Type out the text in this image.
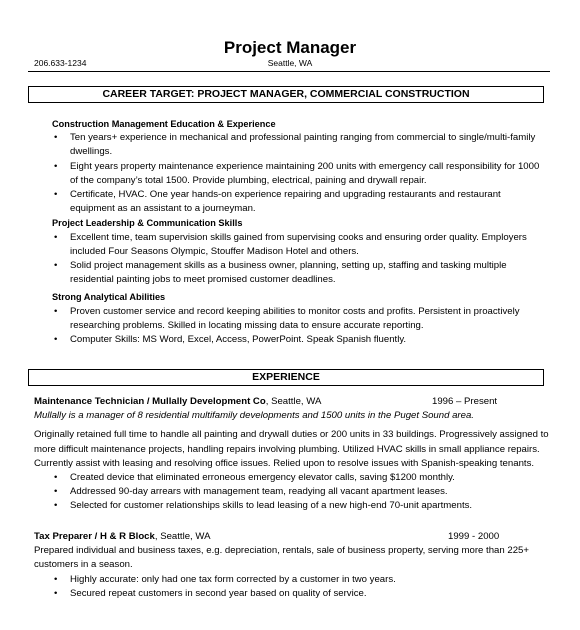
Project Manager
206.633-1234	Seattle, WA
CAREER TARGET: PROJECT MANAGER, COMMERCIAL CONSTRUCTION
Construction Management Education & Experience
• Ten years+ experience in mechanical and professional painting ranging from commercial to single/multi-family dwellings.
• Eight years property maintenance experience maintaining 200 units with emergency call responsibility for 1000 of the company’s total 1500. Provide plumbing, electrical, paining and drywall repair.
• Certificate, HVAC. One year hands-on experience repairing and upgrading restaurants and restaurant equipment as an assistant to a journeyman.
Project Leadership & Communication Skills
• Excellent time, team supervision skills gained from supervising cooks and ensuring order quality. Employers included Four Seasons Olympic, Stouffer Madison Hotel and others.
• Solid project management skills as a business owner, planning, setting up, staffing and tasking multiple residential painting jobs to meet promised customer deadlines.
Strong Analytical Abilities
• Proven customer service and record keeping abilities to monitor costs and profits. Persistent in proactively researching problems. Skilled in locating missing data to ensure accurate reporting.
• Computer Skills: MS Word, Excel, Access, PowerPoint. Speak Spanish fluently.
EXPERIENCE
Maintenance Technician / Mullally Development Co, Seattle, WA	1996 – Present
Mullally is a manager of 8 residential multifamily developments and 1500 units in the Puget Sound area.
Originally retained full time to handle all painting and drywall duties or 200 units in 33 buildings. Progressively assigned to more difficult maintenance projects, handling repairs involving plumbing. Utilized HVAC skills in small appliance repairs. Currently assist with leasing and resolving office issues. Relied upon to resolve issues with Spanish-speaking tenants.
• Created device that eliminated erroneous emergency elevator calls, saving $1200 monthly.
• Addressed 90-day arrears with management team, readying all vacant apartment leases.
• Selected for customer relationships skills to lead leasing of a new high-end 70-unit apartments.
Tax Preparer / H & R Block, Seattle, WA	1999 - 2000
Prepared individual and business taxes, e.g. depreciation, rentals, sale of business property, serving more than 225+ customers in a season.
• Highly accurate: only had one tax form corrected by a customer in two years.
• Secured repeat customers in second year based on quality of service.
